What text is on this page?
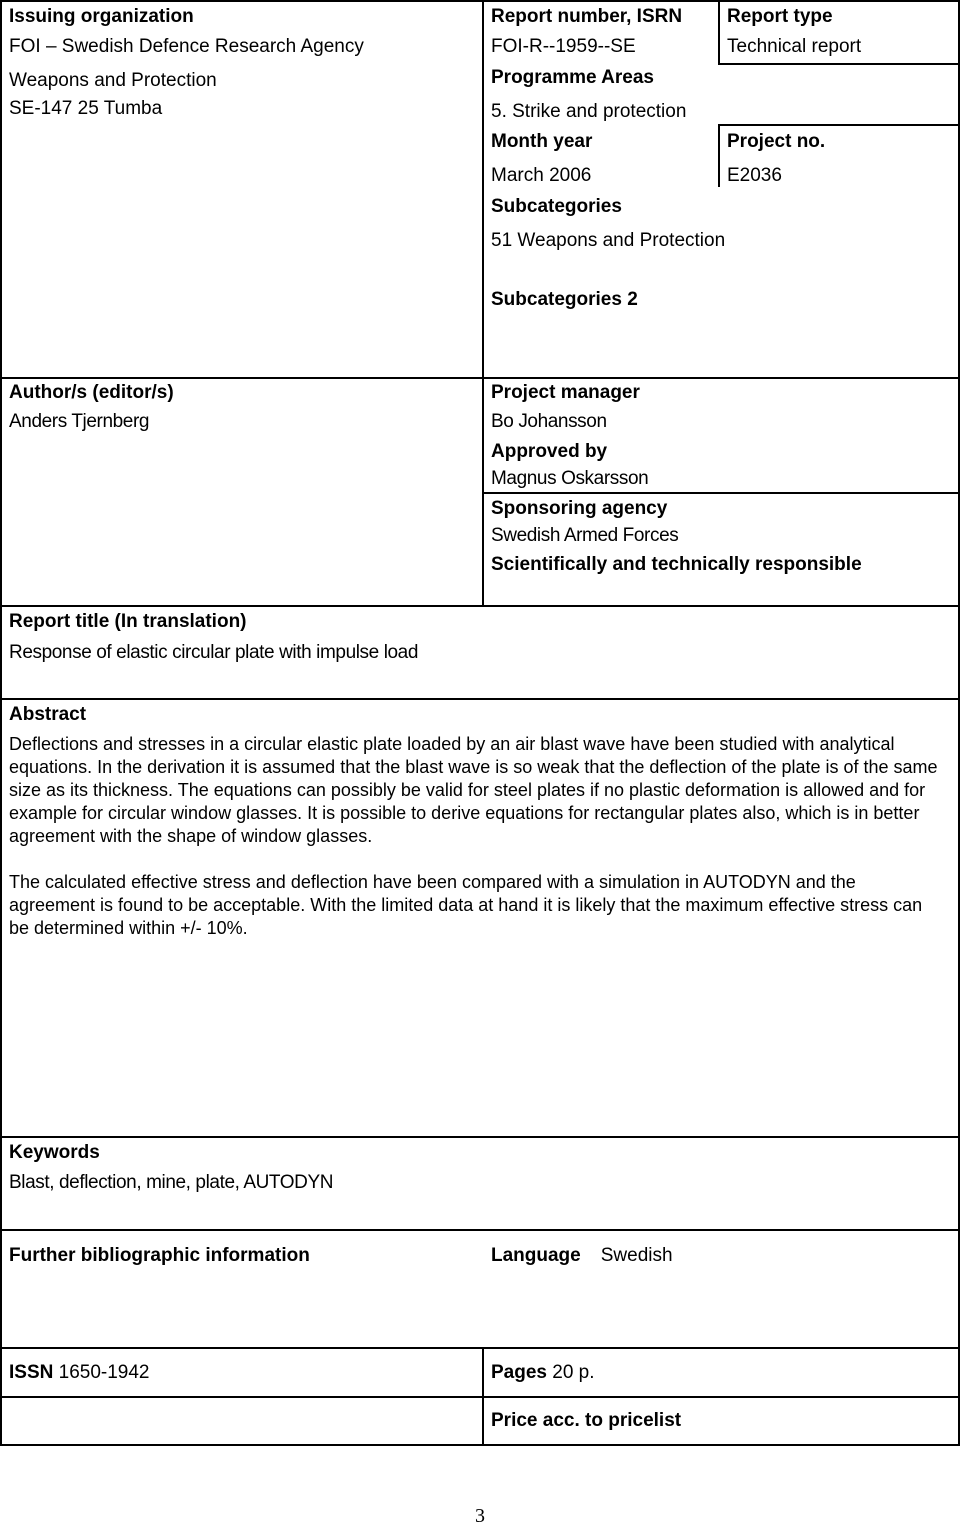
Issuing organization
FOI – Swedish Defence Research Agency
Weapons and Protection
SE-147 25 Tumba
Report number, ISRN
FOI-R--1959--SE
Report type
Technical report
Programme Areas
5. Strike and protection
Month year
March 2006
Project no.
E2036
Subcategories
51 Weapons and Protection
Subcategories 2
Author/s (editor/s)
Anders Tjernberg
Project manager
Bo Johansson
Approved by
Magnus Oskarsson
Sponsoring agency
Swedish Armed Forces
Scientifically and technically responsible
Report title (In translation)
Response of elastic circular plate with impulse load
Abstract

Deflections and stresses in a circular elastic plate loaded by an air blast wave have been studied with analytical equations. In the derivation it is assumed that the blast wave is so weak that the deflection of the plate is of the same size as its thickness. The equations can possibly be valid for steel plates if no plastic deformation is allowed and for example for circular window glasses. It is possible to derive equations for rectangular plates also, which is in better agreement with the shape of window glasses.

The calculated effective stress and deflection have been compared with a simulation in AUTODYN and the agreement is found to be acceptable. With the limited data at hand it is likely that the maximum effective stress can be determined within +/- 10%.

Keywords
Blast, deflection, mine, plate, AUTODYN
Further bibliographic information	Language Swedish
ISSN 1650-1942	Pages 20 p.
Price acc. to pricelist
3
